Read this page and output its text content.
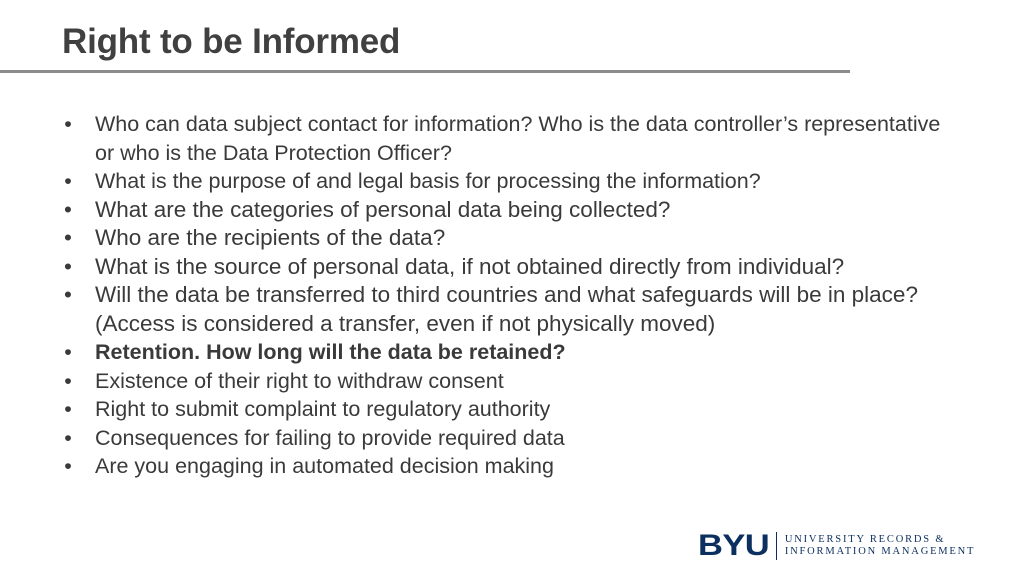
Right to be Informed
• Who can data subject contact for information? Who is the data controller’s representative or who is the Data Protection Officer?
• What is the purpose of and legal basis for processing the information?
• What are the categories of personal data being collected?
• Who are the recipients of the data?
• What is the source of personal data, if not obtained directly from individual?
• Will the data be transferred to third countries and what safeguards will be in place? (Access is considered a transfer, even if not physically moved)
• Retention. How long will the data be retained?
• Existence of their right to withdraw consent
• Right to submit complaint to regulatory authority
• Consequences for failing to provide required data
• Are you engaging in automated decision making
BYU UNIVERSITY RECORDS &
INFORMATION MANAGEMENT
